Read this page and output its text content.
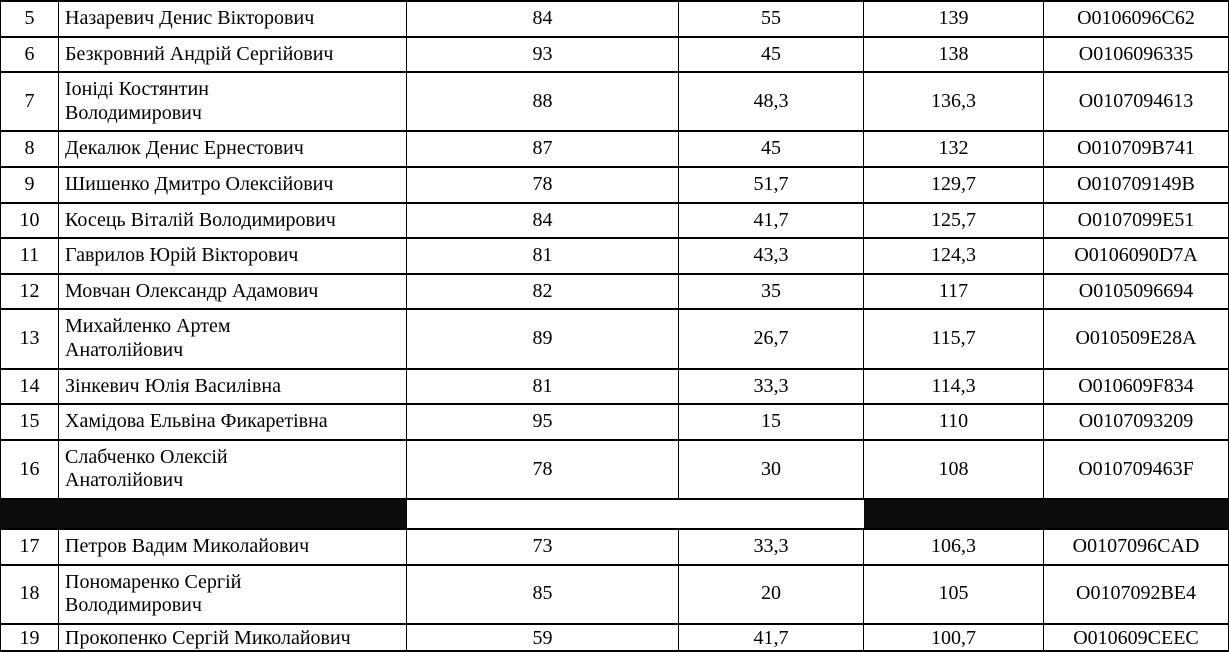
5	Назаревич Денис Вікторович	84	55	139	O0106096C62
6	Безкровний Андрій Сергійович	93	45	138	O0106096335
7	Іоніді Костянтин
Володимирович	88	48,3	136,3	O0107094613
8	Декалюк Денис Ернестович	87	45	132	O010709B741
9	Шишенко Дмитро Олексійович	78	51,7	129,7	O010709149B
10	Косець Віталій Володимирович	84	41,7	125,7	O0107099E51
11	Гаврилов Юрій Вікторович	81	43,3	124,3	O0106090D7A
12	Мовчан Олександр Адамович	82	35	117	O0105096694
13	Михайленко Артем
Анатолійович	89	26,7	115,7	O010509E28A
14	Зінкевич Юлія Василівна	81	33,3	114,3	O010609F834
15	Хамідова Ельвіна Фикаретівна	95	15	110	O0107093209
16	Слабченко Олексій
Анатолійович	78	30	108	O010709463F

17	Петров Вадим Миколайович	73	33,3	106,3	O0107096CAD
18	Пономаренко Сергій
Володимирович	85	20	105	O0107092BE4
19	Прокопенко Сергій Миколайович	59	41,7	100,7	O010609CEEC
